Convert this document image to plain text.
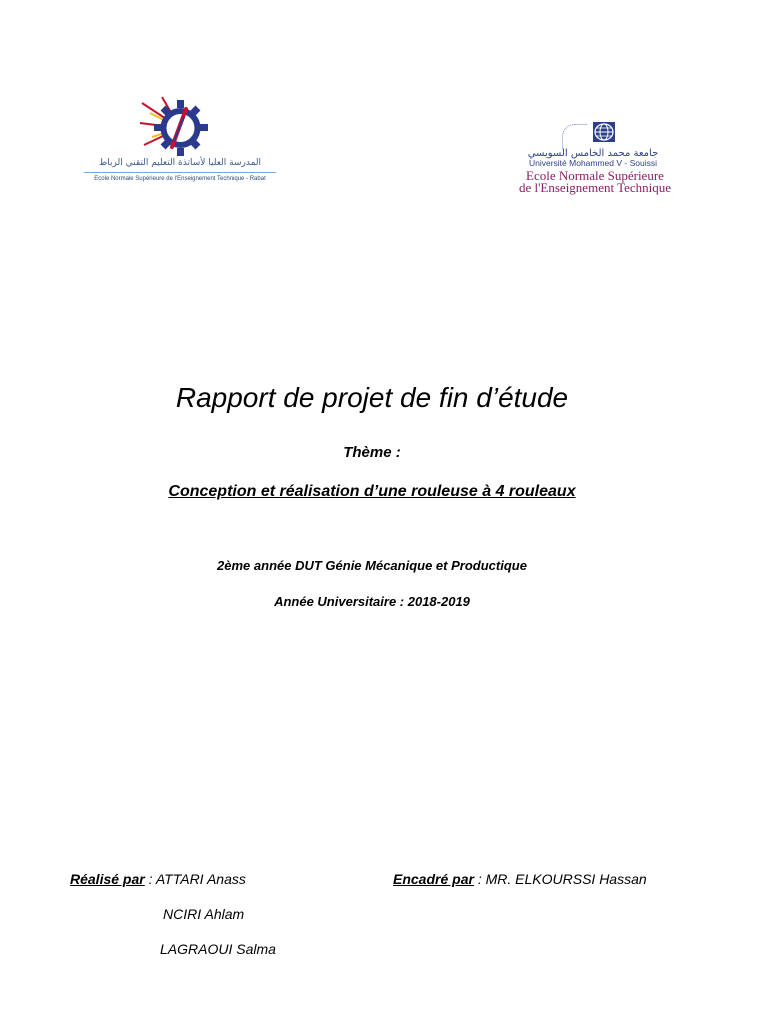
المدرسة العليا لأساتذة التعليم التقني الرباط
Ecole Normale Supérieure de l'Enseignement Technique - Rabat
جامعة محمد الخامس السويسي
Université Mohammed V - Souissi
Ecole Normale Supérieure
de l'Enseignement Technique
Rapport de projet de fin d’étude
Thème :
Conception et réalisation d’une rouleuse à 4 rouleaux
2ème année DUT Génie Mécanique et Productique
Année Universitaire : 2018-2019
Réalisé par : ATTARI Anass
NCIRI Ahlam
LAGRAOUI Salma
Encadré par : MR. ELKOURSSI Hassan
